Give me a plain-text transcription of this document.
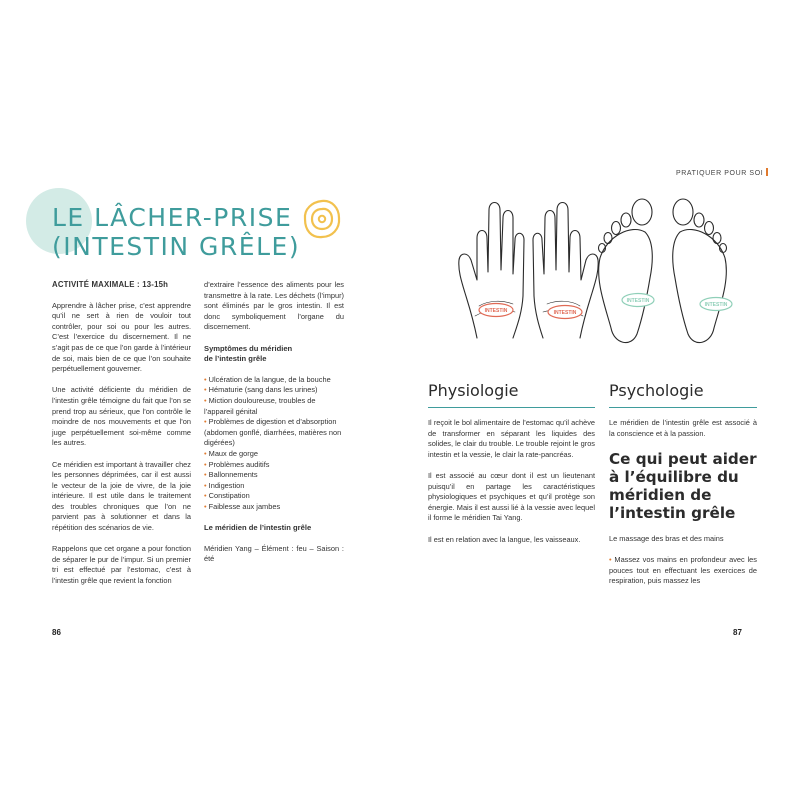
LE LÂCHER-PRISE
(INTESTIN GRÊLE)
ACTIVITÉ MAXIMALE : 13-15h

Apprendre à lâcher prise, c’est apprendre qu’il ne sert à rien de vouloir tout contrôler, pour soi ou pour les autres. C’est l’exercice du discernement. Il ne s’agit pas de ce que l’on garde à l’intérieur de soi, mais bien de ce que l’on souhaite perpétuellement gouverner.

Une activité déficiente du méridien de l’intestin grêle témoigne du fait que l’on se prend trop au sérieux, que l’on contrôle le moindre de nos mouvements et que l’on juge perpétuellement soi-même comme les autres.

Ce méridien est important à travailler chez les personnes déprimées, car il est aussi le vecteur de la joie de vivre, de la joie intérieure. Il est utile dans le traitement des troubles chroniques que l’on ne parvient pas à solutionner et dans la répétition des scénarios de vie.

Rappelons que cet organe a pour fonction de séparer le pur de l’impur. Si un premier tri est effectué par l’estomac, c’est à l’intestin grêle que revient la fonction

d’extraire l’essence des aliments pour les transmettre à la rate. Les déchets (l’impur) sont éliminés par le gros intestin. Il est donc symboliquement l’organe du discernement.

Symptômes du méridien
de l’intestin grêle
• Ulcération de la langue, de la bouche
• Hématurie (sang dans les urines)
• Miction douloureuse, troubles de l’appareil génital
• Problèmes de digestion et d’absorption (abdomen gonflé, diarrhées, matières non digérées)
• Maux de gorge
• Problèmes auditifs
• Ballonnements
• Indigestion
• Constipation
• Faiblesse aux jambes
Le méridien de l’intestin grêle

Méridien Yang – Élément : feu – Saison : été

86
PRATIQUER POUR SOI
INTESTIN	INTESTIN
INTESTIN
INTESTIN
Physiologie	Psychologie

Il reçoit le bol alimentaire de l’estomac qu’il achève de transformer en séparant les liquides des solides, le clair du trouble. Le trouble rejoint le gros intestin et la vessie, le clair la rate-pancréas.

Il est associé au cœur dont il est un lieutenant puisqu’il en partage les caractéristiques physiologiques et psychiques et qu’il protège son énergie. Mais il est aussi lié à la vessie avec lequel il forme le méridien Tai Yang.

Il est en relation avec la langue, les vaisseaux.

Le méridien de l’intestin grêle est associé à la conscience et à la passion.

Ce qui peut aider à l’équilibre du méridien de l’intestin grêle

Le massage des bras et des mains

• Massez vos mains en profondeur avec les pouces tout en effectuant les exercices de respiration, puis massez les

87
